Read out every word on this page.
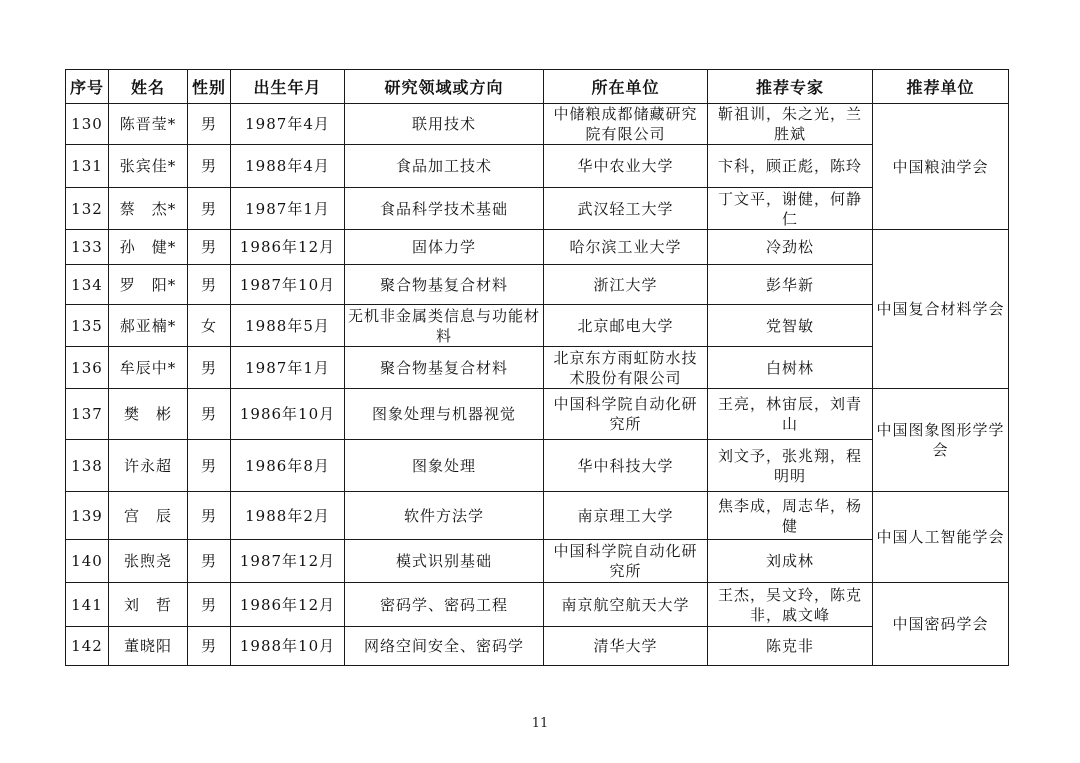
序号	姓名	性别	出生年月	研究领域或方向	所在单位	推荐专家	推荐单位
130	陈晋莹*	男	1987年4月	联用技术	中储粮成都储藏研究院有限公司	靳祖训，朱之光，兰胜斌	中国粮油学会
131	张宾佳*	男	1988年4月	食品加工技术	华中农业大学	卞科，顾正彪，陈玲	
132	蔡　杰*	男	1987年1月	食品科学技术基础	武汉轻工大学	丁文平，谢健，何静仁	
133	孙　健*	男	1986年12月	固体力学	哈尔滨工业大学	冷劲松	中国复合材料学会
134	罗　阳*	男	1987年10月	聚合物基复合材料	浙江大学	彭华新	
135	郝亚楠*	女	1988年5月	无机非金属类信息与功能材料	北京邮电大学	党智敏	
136	牟辰中*	男	1987年1月	聚合物基复合材料	北京东方雨虹防水技术股份有限公司	白树林	
137	樊　彬	男	1986年10月	图象处理与机器视觉	中国科学院自动化研究所	王亮，林宙辰，刘青山	中国图象图形学学会
138	许永超	男	1986年8月	图象处理	华中科技大学	刘文予，张兆翔，程明明	
139	宫　辰	男	1988年2月	软件方法学	南京理工大学	焦李成，周志华，杨健	中国人工智能学会
140	张煦尧	男	1987年12月	模式识别基础	中国科学院自动化研究所	刘成林	
141	刘　哲	男	1986年12月	密码学、密码工程	南京航空航天大学	王杰，吴文玲，陈克非，戚文峰	中国密码学会
142	董晓阳	男	1988年10月	网络空间安全、密码学	清华大学	陈克非	
11
